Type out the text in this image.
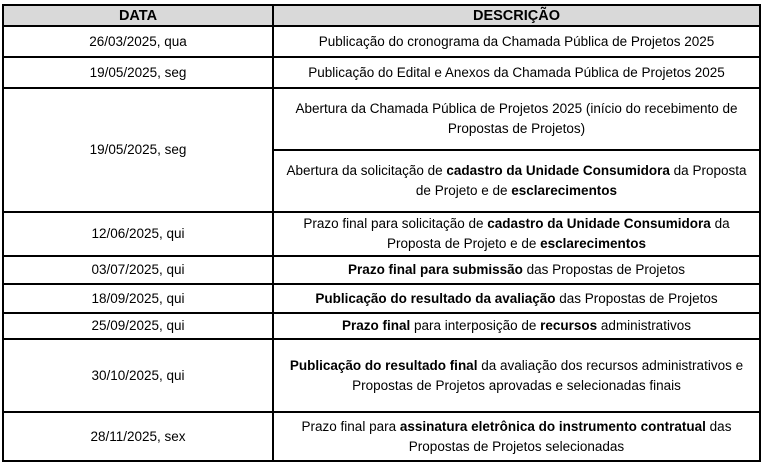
DATA	DESCRIÇÃO
26/03/2025, qua	Publicação do cronograma da Chamada Pública de Projetos 2025
19/05/2025, seg	Publicação do Edital e Anexos da Chamada Pública de Projetos 2025
19/05/2025, seg	Abertura da Chamada Pública de Projetos 2025 (início do recebimento de Propostas de Projetos)
	Abertura da solicitação de cadastro da Unidade Consumidora da Proposta de Projeto e de esclarecimentos
12/06/2025, qui	Prazo final para solicitação de cadastro da Unidade Consumidora da Proposta de Projeto e de esclarecimentos
03/07/2025, qui	Prazo final para submissão das Propostas de Projetos
18/09/2025, qui	Publicação do resultado da avaliação das Propostas de Projetos
25/09/2025, qui	Prazo final para interposição de recursos administrativos
30/10/2025, qui	Publicação do resultado final da avaliação dos recursos administrativos e Propostas de Projetos aprovadas e selecionadas finais
28/11/2025, sex	Prazo final para assinatura eletrônica do instrumento contratual das Propostas de Projetos selecionadas
